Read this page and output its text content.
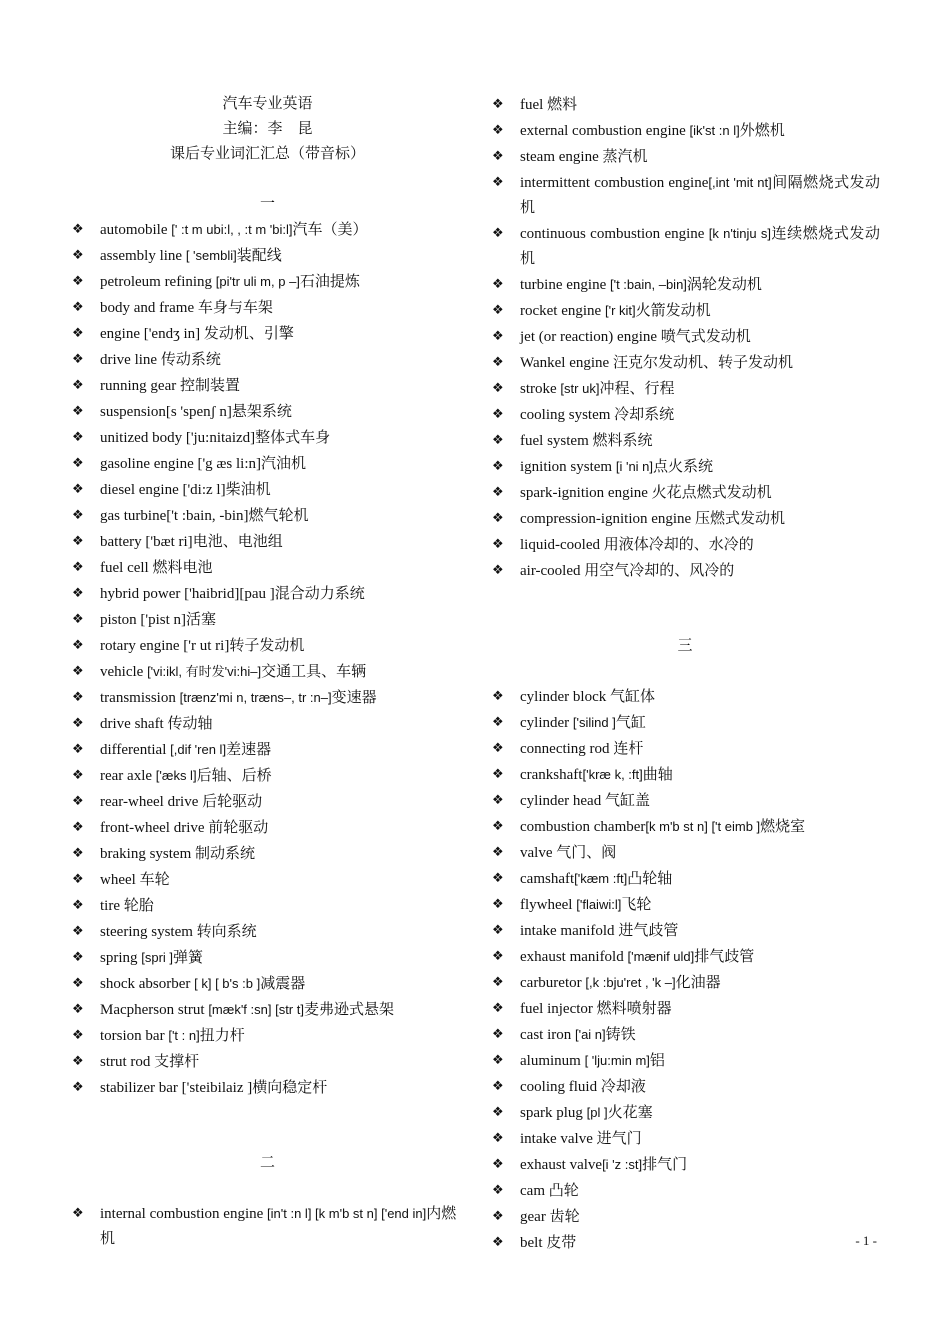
汽车专业英语
主编：李　昆
课后专业词汇汇总（带音标）
一
❖ automobile [' :t m ubi:l, , :t m 'bi:l]汽车（美）
❖ assembly line [ 'sembli]装配线
❖ petroleum refining [pi'tr uli m, p –]石油提炼
❖ body and frame 车身与车架
❖ engine ['endʒ in] 发动机、引擎
❖ drive line 传动系统
❖ running gear 控制装置
❖ suspension[s 'spenʃ n]悬架系统
❖ unitized body ['ju:nitaizd]整体式车身
❖ gasoline engine ['g æs li:n]汽油机
❖ diesel engine ['di:z l]柴油机
❖ gas turbine['t :bain, -bin]燃气轮机
❖ battery ['bæt ri]电池、电池组
❖ fuel cell 燃料电池
❖ hybrid power ['haibrid][pau ]混合动力系统
❖ piston ['pist n]活塞
❖ rotary engine ['r ut ri]转子发动机
❖ vehicle ['vi:ikl, 有时发'vi:hi–]交通工具、车辆
❖ transmission [trænz'mi n, træns–, tr :n–]变速器
❖ drive shaft 传动轴
❖ differential [,dif 'ren l]差速器
❖ rear axle ['æks l]后轴、后桥
❖ rear-wheel drive 后轮驱动
❖ front-wheel drive 前轮驱动
❖ braking system 制动系统
❖ wheel 车轮
❖ tire 轮胎
❖ steering system 转向系统
❖ spring [spri ]弹簧
❖ shock absorber [ k] [ b's :b ]减震器
❖ Macpherson strut [mæk'f :sn] [str t]麦弗逊式悬架
❖ torsion bar ['t : n]扭力杆
❖ strut rod 支撑杆
❖ stabilizer bar ['steibilaiz ]横向稳定杆
二
❖ internal combustion engine [in't :n l] [k m'b st n] ['end in]内燃机
❖ fuel 燃料
❖ external combustion engine [ik'st :n l]外燃机
❖ steam engine 蒸汽机
❖ intermittent combustion engine[,int 'mit nt]间隔燃烧式发动机
❖ continuous combustion engine [k n'tinju s]连续燃烧式发动机
❖ turbine engine ['t :bain, –bin]涡轮发动机
❖ rocket engine ['r kit]火箭发动机
❖ jet (or reaction) engine 喷气式发动机
❖ Wankel engine 汪克尔发动机、转子发动机
❖ stroke [str uk]冲程、行程
❖ cooling system 冷却系统
❖ fuel system 燃料系统
❖ ignition system [i 'ni n]点火系统
❖ spark-ignition engine 火花点燃式发动机
❖ compression-ignition engine 压燃式发动机
❖ liquid-cooled 用液体冷却的、水冷的
❖ air-cooled 用空气冷却的、风冷的
三
❖ cylinder block 气缸体
❖ cylinder ['silind ]气缸
❖ connecting rod 连杆
❖ crankshaft['kræ k, :ft]曲轴
❖ cylinder head 气缸盖
❖ combustion chamber[k m'b st n] ['t eimb ]燃烧室
❖ valve 气门、阀
❖ camshaft['kæm :ft]凸轮轴
❖ flywheel ['flaiwi:l]飞轮
❖ intake manifold 进气歧管
❖ exhaust manifold ['mænif uld]排气歧管
❖ carburetor [,k :bju'ret , 'k –]化油器
❖ fuel injector 燃料喷射器
❖ cast iron ['ai n]铸铁
❖ aluminum [ 'lju:min m]铝
❖ cooling fluid 冷却液
❖ spark plug [pl ]火花塞
❖ intake valve 进气门
❖ exhaust valve[i 'z :st]排气门
❖ cam 凸轮
❖ gear 齿轮
❖ belt 皮带	- 1 -
